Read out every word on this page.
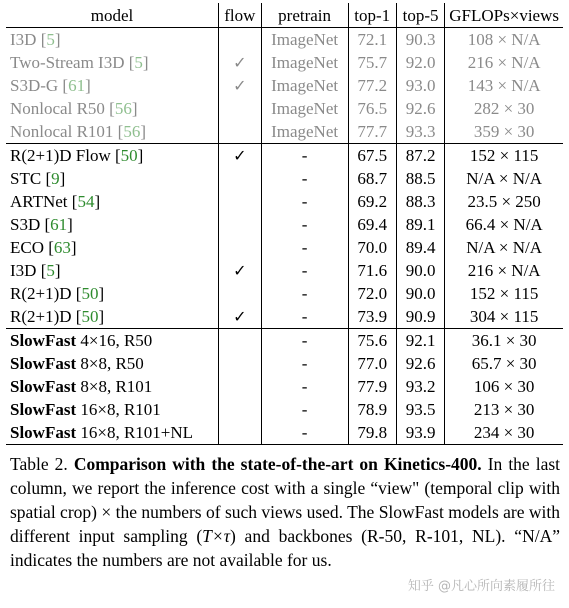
model	flow	pretrain	top-1	top-5	GFLOPs×views
I3D [5]		ImageNet	72.1	90.3	108 × N/A
Two-Stream I3D [5]	✓	ImageNet	75.7	92.0	216 × N/A
S3D-G [61]	✓	ImageNet	77.2	93.0	143 × N/A
Nonlocal R50 [56]		ImageNet	76.5	92.6	282 × 30
Nonlocal R101 [56]		ImageNet	77.7	93.3	359 × 30
R(2+1)D Flow [50]	✓	-	67.5	87.2	152 × 115
STC [9]		-	68.7	88.5	N/A × N/A
ARTNet [54]		-	69.2	88.3	23.5 × 250
S3D [61]		-	69.4	89.1	66.4 × N/A
ECO [63]		-	70.0	89.4	N/A × N/A
I3D [5]	✓	-	71.6	90.0	216 × N/A
R(2+1)D [50]		-	72.0	90.0	152 × 115
R(2+1)D [50]	✓	-	73.9	90.9	304 × 115
SlowFast 4×16, R50		-	75.6	92.1	36.1 × 30
SlowFast 8×8, R50		-	77.0	92.6	65.7 × 30
SlowFast 8×8, R101		-	77.9	93.2	106 × 30
SlowFast 16×8, R101		-	78.9	93.5	213 × 30
SlowFast 16×8, R101+NL		-	79.8	93.9	234 × 30
Table 2. Comparison with the state-of-the-art on Kinetics-400. In the last column, we report the inference cost with a single “view" (temporal clip with spatial crop) × the numbers of such views used. The SlowFast models are with different input sampling (T×τ) and backbones (R-50, R-101, NL). “N/A” indicates the numbers are not available for us.
知乎 @凡心所向素履所往
